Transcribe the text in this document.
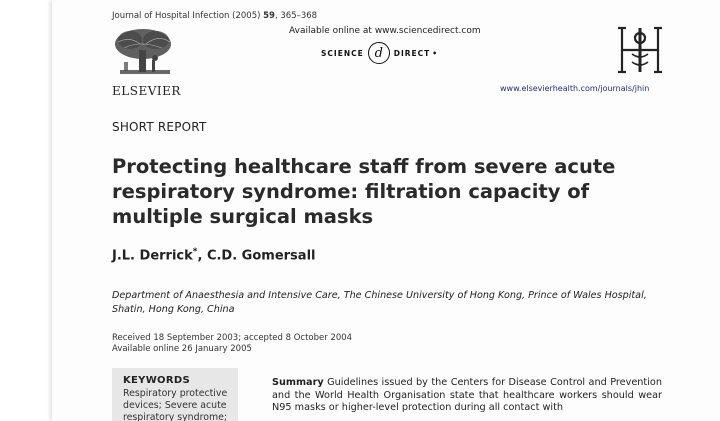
Journal of Hospital Infection (2005) 59, 365–368
ELSEVIER
Available online at www.sciencedirect.com
SCIENCE d	DIRECT •
www.elsevierhealth.com/journals/jhin
SHORT REPORT
Protecting healthcare staff from severe acute respiratory syndrome: filtration capacity of multiple surgical masks
J.L. Derrick*, C.D. Gomersall
Department of Anaesthesia and Intensive Care, The Chinese University of Hong Kong, Prince of Wales Hospital, Shatin, Hong Kong, China
Received 18 September 2003; accepted 8 October 2004
Available online 26 January 2005
KEYWORDS
Respiratory protective devices; Severe acute respiratory syndrome;
Summary Guidelines issued by the Centers for Disease Control and Prevention and the World Health Organisation state that healthcare workers should wear N95 masks or higher-level protection during all contact with
